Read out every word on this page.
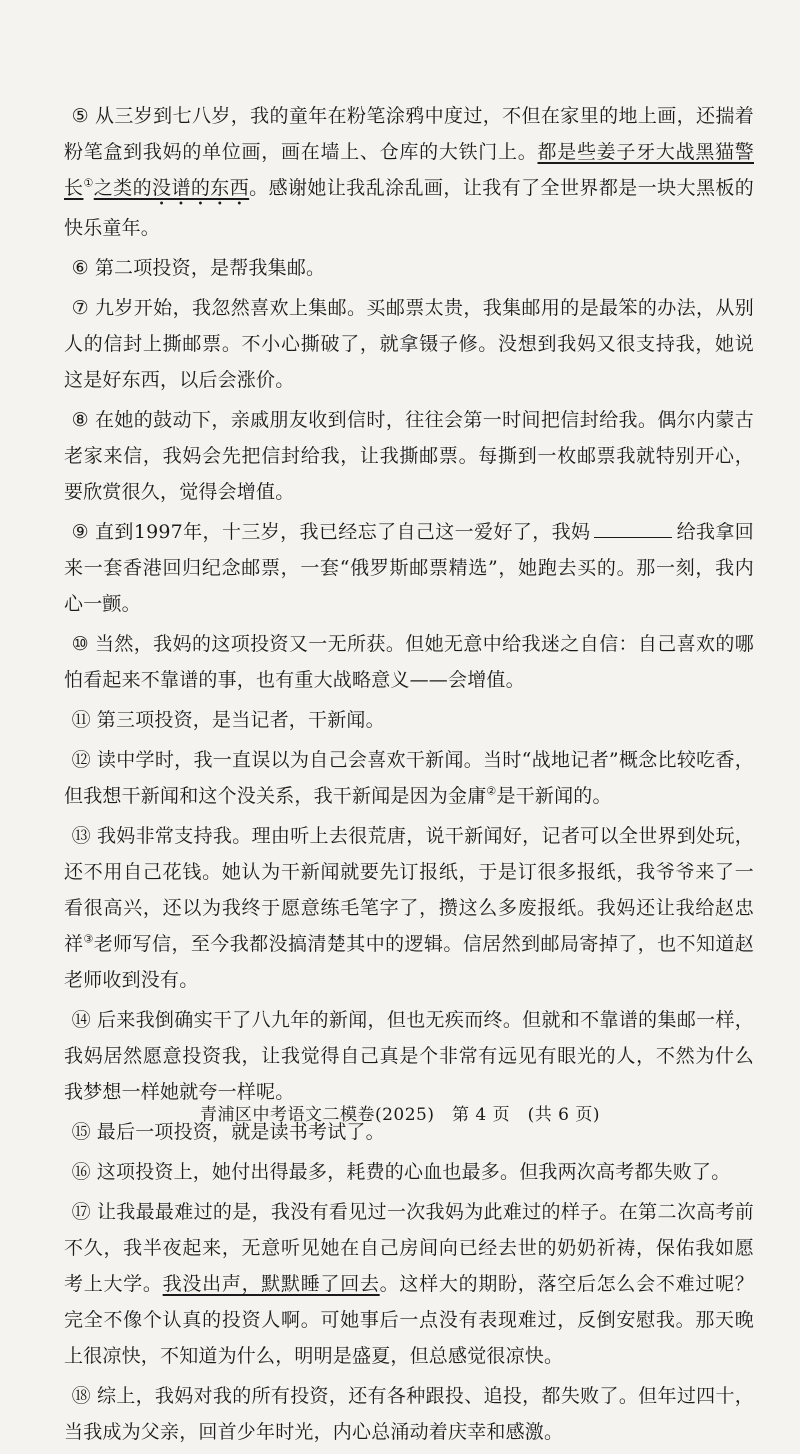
⑤ 从三岁到七八岁，我的童年在粉笔涂鸦中度过，不但在家里的地上画，还揣着粉笔盒到我妈的单位画，画在墙上、仓库的大铁门上。都是些姜子牙大战黑猫警长①之类的没谱的东西。感谢她让我乱涂乱画，让我有了全世界都是一块大黑板的快乐童年。

⑥ 第二项投资，是帮我集邮。

⑦ 九岁开始，我忽然喜欢上集邮。买邮票太贵，我集邮用的是最笨的办法，从别人的信封上撕邮票。不小心撕破了，就拿镊子修。没想到我妈又很支持我，她说这是好东西，以后会涨价。

⑧ 在她的鼓动下，亲戚朋友收到信时，往往会第一时间把信封给我。偶尔内蒙古老家来信，我妈会先把信封给我，让我撕邮票。每撕到一枚邮票我就特别开心，要欣赏很久，觉得会增值。

⑨ 直到1997年，十三岁，我已经忘了自己这一爱好了，我妈	给我拿回来一套香港回归纪念邮票，一套“俄罗斯邮票精选”，她跑去买的。那一刻，我内心一颤。

⑩ 当然，我妈的这项投资又一无所获。但她无意中给我迷之自信：自己喜欢的哪怕看起来不靠谱的事，也有重大战略意义——会增值。

⑪ 第三项投资，是当记者，干新闻。

⑫ 读中学时，我一直误以为自己会喜欢干新闻。当时“战地记者”概念比较吃香，但我想干新闻和这个没关系，我干新闻是因为金庸②是干新闻的。

⑬ 我妈非常支持我。理由听上去很荒唐，说干新闻好，记者可以全世界到处玩，还不用自己花钱。她认为干新闻就要先订报纸，于是订很多报纸，我爷爷来了一看很高兴，还以为我终于愿意练毛笔字了，攒这么多废报纸。我妈还让我给赵忠祥③老师写信，至今我都没搞清楚其中的逻辑。信居然到邮局寄掉了，也不知道赵老师收到没有。

⑭ 后来我倒确实干了八九年的新闻，但也无疾而终。但就和不靠谱的集邮一样，我妈居然愿意投资我，让我觉得自己真是个非常有远见有眼光的人，不然为什么我梦想一样她就夸一样呢。

⑮ 最后一项投资，就是读书考试了。

⑯ 这项投资上，她付出得最多，耗费的心血也最多。但我两次高考都失败了。

⑰ 让我最最难过的是，我没有看见过一次我妈为此难过的样子。在第二次高考前不久，我半夜起来，无意听见她在自己房间向已经去世的奶奶祈祷，保佑我如愿考上大学。我没出声，默默睡了回去。这样大的期盼，落空后怎么会不难过呢？完全不像个认真的投资人啊。可她事后一点没有表现难过，反倒安慰我。那天晚上很凉快，不知道为什么，明明是盛夏，但总感觉很凉快。

⑱ 综上，我妈对我的所有投资，还有各种跟投、追投，都失败了。但年过四十，当我成为父亲，回首少年时光，内心总涌动着庆幸和感激。

青浦区中考语文二模卷(2025)　第 4 页　(共 6 页)
